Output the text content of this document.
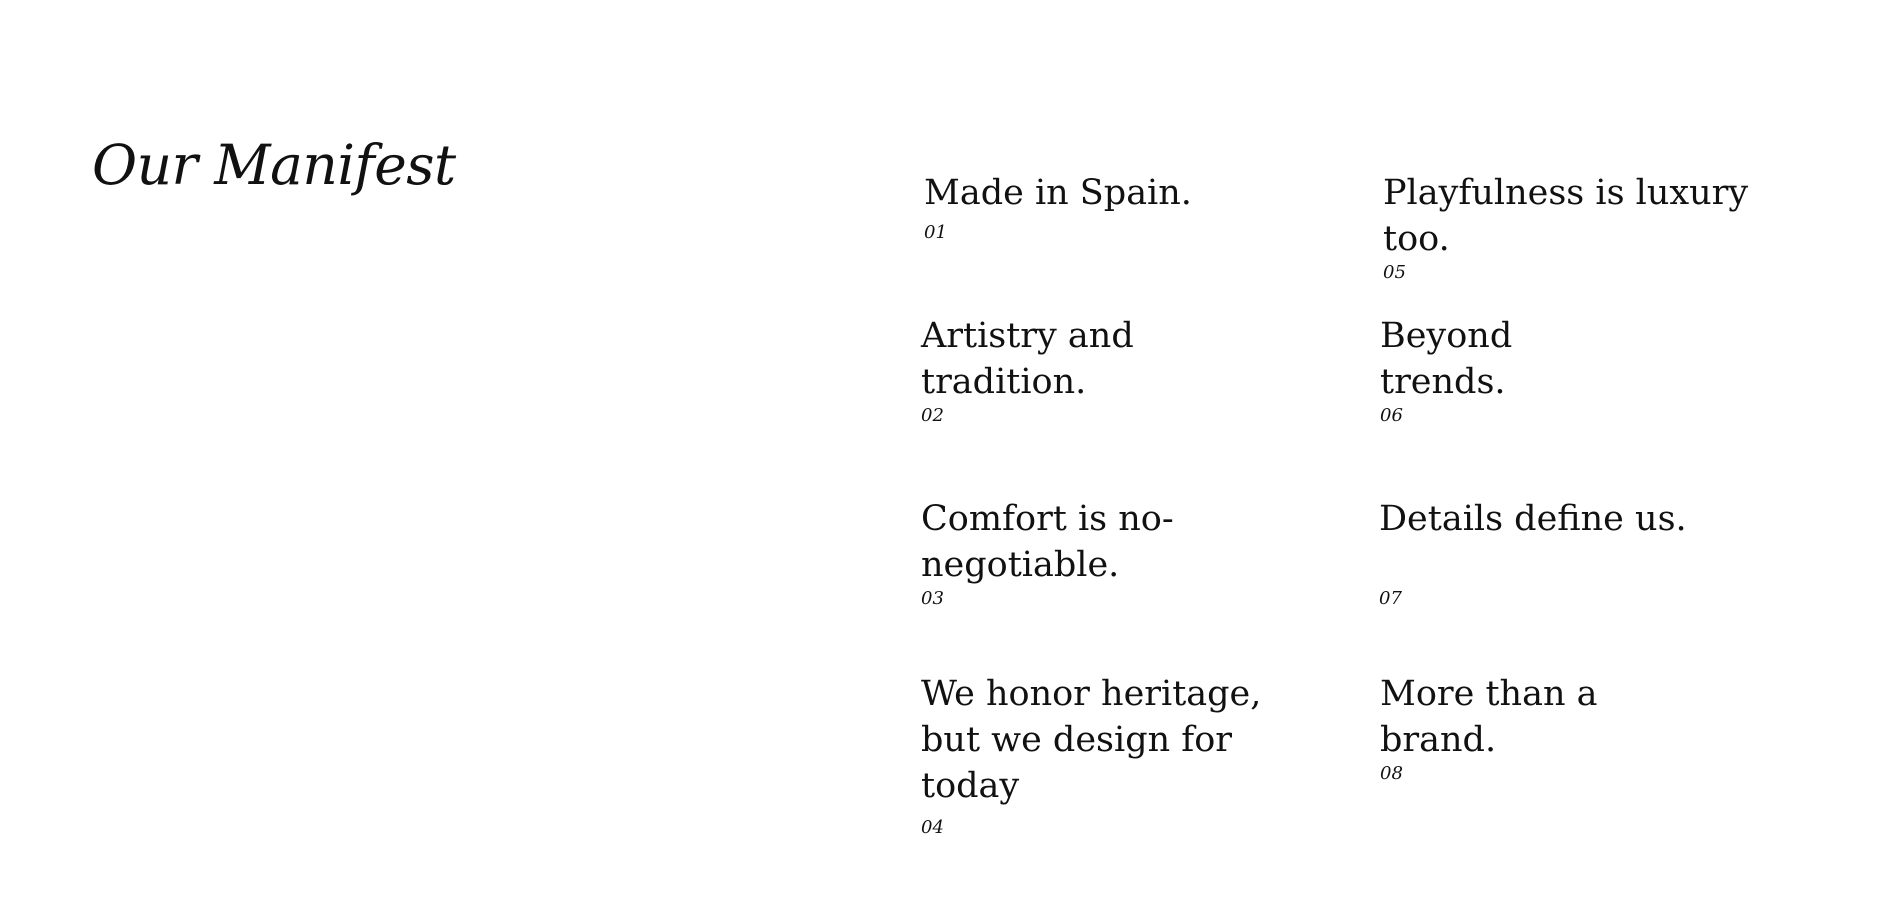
Our Manifest	Made in Spain.
01
Artistry and tradition.
02
Comfort is no-negotiable.
03
We honor heritage, but we design for today
04
Playfulness is luxury too.
05
Beyond trends.
06
Details define us.
07
More than a brand.
08
